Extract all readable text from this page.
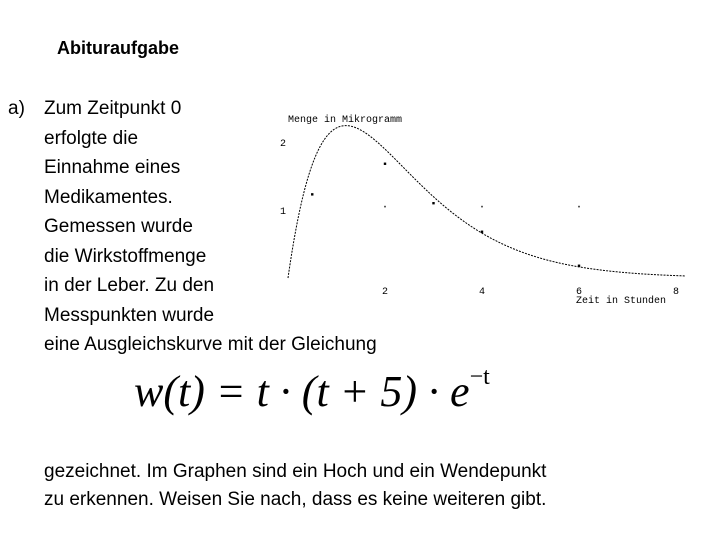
Abituraufgabe
a) Zum Zeitpunkt 0
erfolgte die
Einnahme eines
Medikamentes.
Gemessen wurde
die Wirkstoffmenge
in der Leber. Zu den
Messpunkten wurde
eine Ausgleichskurve mit der Gleichung
$w(t) = t \cdot (t + 5) \cdot e^{-t}$
gezeichnet. Im Graphen sind ein Hoch und ein Wendepunkt
zu erkennen. Weisen Sie nach, dass es keine weiteren gibt.
Menge in Mikrogramm
Zeit in Stunden
2	4	6	8
1
2
